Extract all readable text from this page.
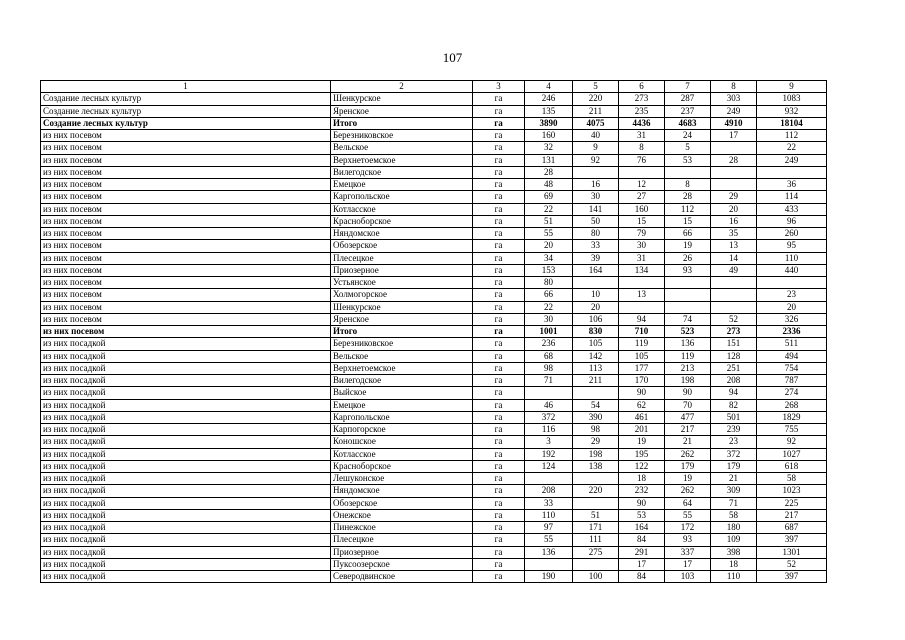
107
1	2	3	4	5	6	7	8	9
Создание лесных культур	Шенкурское	га	246	220	273	287	303	1083
Создание лесных культур	Яренское	га	135	211	235	237	249	932
Создание лесных культур	Итого	га	3890	4075	4436	4683	4910	18104
из них посевом	Березниковское	га	160	40	31	24	17	112
из них посевом	Вельское	га	32	9	8	5		22
из них посевом	Верхнетоемское	га	131	92	76	53	28	249
из них посевом	Вилегодское	га	28					
из них посевом	Емецкое	га	48	16	12	8		36
из них посевом	Каргопольское	га	69	30	27	28	29	114
из них посевом	Котласское	га	22	141	160	112	20	433
из них посевом	Красноборское	га	51	50	15	15	16	96
из них посевом	Няндомское	га	55	80	79	66	35	260
из них посевом	Обозерское	га	20	33	30	19	13	95
из них посевом	Плесецкое	га	34	39	31	26	14	110
из них посевом	Приозерное	га	153	164	134	93	49	440
из них посевом	Устьянское	га	80					
из них посевом	Холмогорское	га	66	10	13			23
из них посевом	Шенкурское	га	22	20				20
из них посевом	Яренское	га	30	106	94	74	52	326
из них посевом	Итого	га	1001	830	710	523	273	2336
из них посадкой	Березниковское	га	236	105	119	136	151	511
из них посадкой	Вельское	га	68	142	105	119	128	494
из них посадкой	Верхнетоемское	га	98	113	177	213	251	754
из них посадкой	Вилегодское	га	71	211	170	198	208	787
из них посадкой	Выйское	га			90	90	94	274
из них посадкой	Емецкое	га	46	54	62	70	82	268
из них посадкой	Каргопольское	га	372	390	461	477	501	1829
из них посадкой	Карпогорское	га	116	98	201	217	239	755
из них посадкой	Коношское	га	3	29	19	21	23	92
из них посадкой	Котласское	га	192	198	195	262	372	1027
из них посадкой	Красноборское	га	124	138	122	179	179	618
из них посадкой	Лешуконское	га			18	19	21	58
из них посадкой	Няндомское	га	208	220	232	262	309	1023
из них посадкой	Обозерское	га	33		90	64	71	225
из них посадкой	Онежское	га	110	51	53	55	58	217
из них посадкой	Пинежское	га	97	171	164	172	180	687
из них посадкой	Плесецкое	га	55	111	84	93	109	397
из них посадкой	Приозерное	га	136	275	291	337	398	1301
из них посадкой	Пуксоозерское	га			17	17	18	52
из них посадкой	Северодвинское	га	190	100	84	103	110	397
